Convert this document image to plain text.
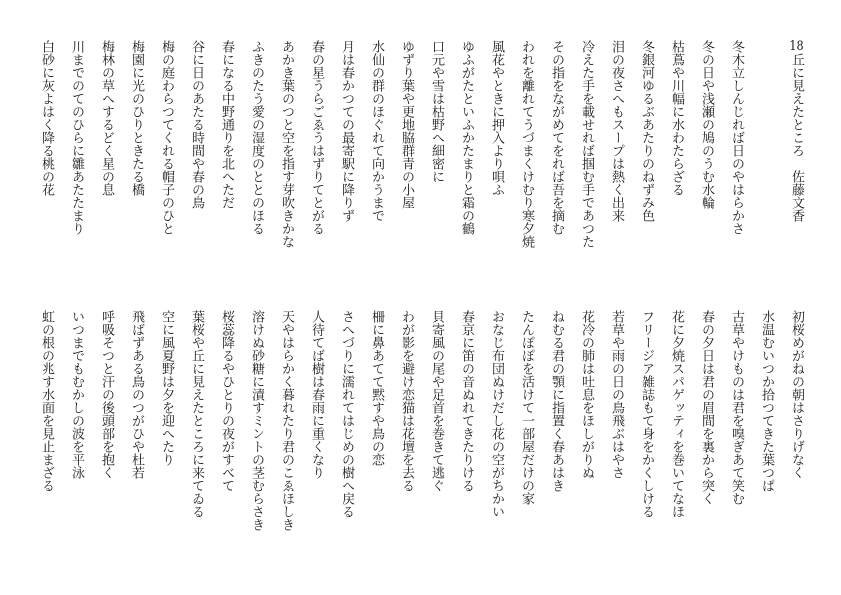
18丘に見えたところ佐藤文香
冬木立しんじれば日のやはらかさ
冬の日や浅瀬の鳩のうむ水輪
枯蔦や川幅に水わたらざる
冬銀河ゆるぶあたりのねずみ色
泪の夜さへもスープは熱く出来
冷えた手を載せれば掴む手であつた
その指をながめてをれば吾を摘む
われを離れてうづまくけむり寒夕焼
風花やときに押入より唄ふ
ゆふがたといふかたまりと霜の鶴
口元や雪は枯野へ細密に
ゆずり葉や更地脇群青の小屋
水仙の群のほぐれて向かうまで
月は春かつての最寄駅に降りず
春の星うらごゑうはずりてとがる
あかき葉のつと空を指す芽吹きかな
ふきのたう愛の湿度のととのほる
春になる中野通りを北へただ
谷に日のあたる時間や春の鳥
梅の庭わらつてくれる帽子のひと
梅園に光のひりときたる橋
梅林の草へするどく星の息
川までのてのひらに雛あたたまり
白砂に灰よはく降る桃の花
初桜めがねの朝はさりげなく
水温むいつか拾つてきた葉つぱ
古草やけものは君を嗅ぎあて笑む
春の夕日は君の眉間を裏から突く
花に夕焼スパゲッティを巻いてなほ
フリージア雑誌もて身をかくしける
若草や雨の日の鳥飛ぶはやさ
花冷の肺は吐息をほしがりぬ
ねむる君の顎に指置く春あはき
たんぽぽを活けて一部屋だけの家
おなじ布団ぬけだし花の空がちかい
春京に笛の音ぬれてきたりける
貝寄風の尾や足首を巻きて逃ぐ
わが影を避け恋猫は花壇を去る
柵に鼻あてて黙すや鳥の恋
さへづりに濡れてはじめの樹へ戻る
人待てば樹は春雨に重くなり
天やはらかく暮れたり君のこゑほしき
溶けぬ砂糖に漬すミントの茎むらさき
桜蕊降るやひとりの夜がすべて
葉桜や丘に見えたところに来てゐる
空に風夏野は夕を迎へたり
飛ばずある鳥のつがひや杜若
呼吸そつと汗の後頭部を抱く
いつまでもむかしの波を平泳
虹の根の兆す水面を見止まざる
